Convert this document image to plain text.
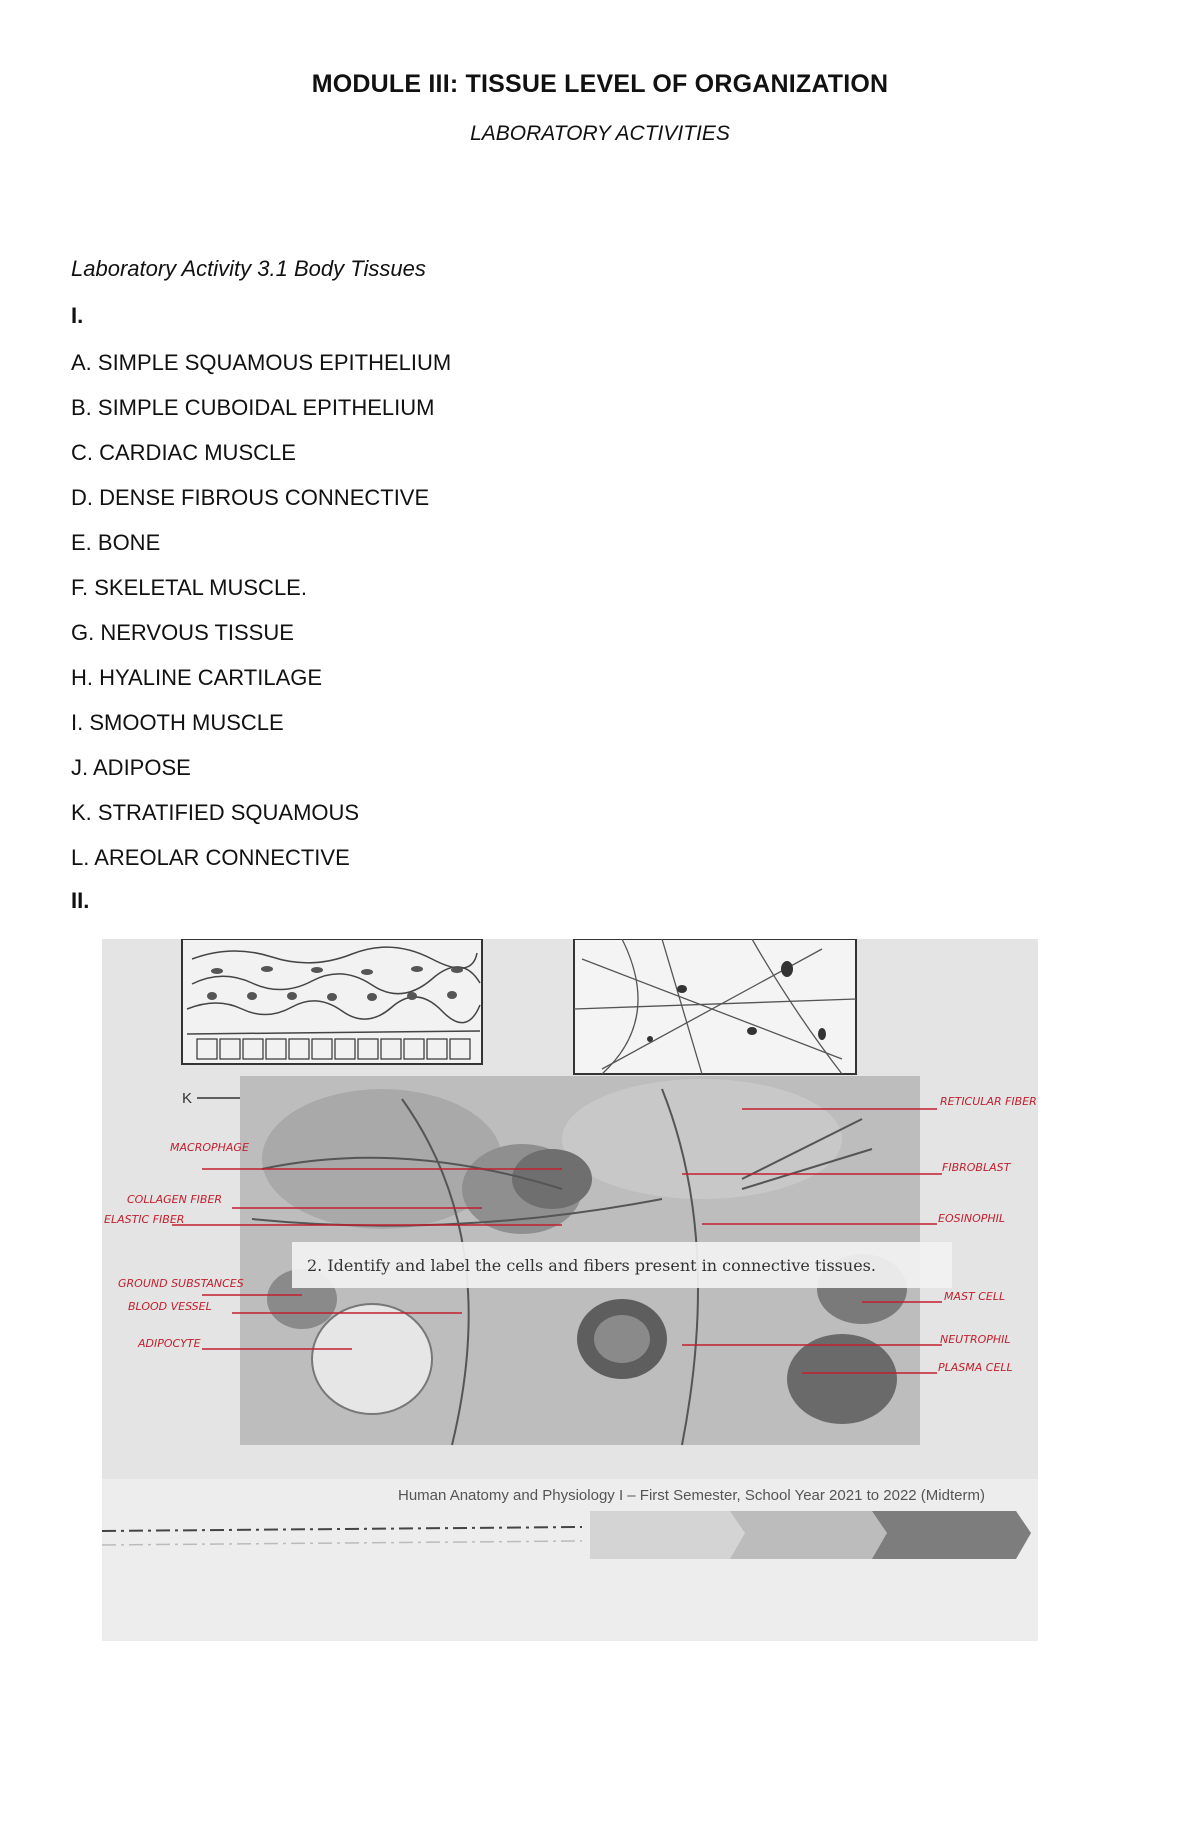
MODULE III: TISSUE LEVEL OF ORGANIZATION
LABORATORY ACTIVITIES
Laboratory Activity 3.1 Body Tissues
I.
A. SIMPLE SQUAMOUS EPITHELIUM
B. SIMPLE CUBOIDAL EPITHELIUM
C. CARDIAC MUSCLE
D. DENSE FIBROUS CONNECTIVE
E. BONE
F. SKELETAL MUSCLE.
G. NERVOUS TISSUE
H. HYALINE CARTILAGE
I. SMOOTH MUSCLE
J. ADIPOSE
K. STRATIFIED SQUAMOUS
L. AREOLAR CONNECTIVE
II.
K
2. Identify and label the cells and fibers present in connective tissues.
MACROPHAGE
COLLAGEN FIBER
ELASTIC FIBER
GROUND SUBSTANCES
BLOOD VESSEL
ADIPOCYTE
RETICULAR FIBER
FIBROBLAST
EOSINOPHIL
MAST CELL
NEUTROPHIL
PLASMA CELL
Human Anatomy and Physiology I – First Semester, School Year 2021 to 2022 (Midterm)
